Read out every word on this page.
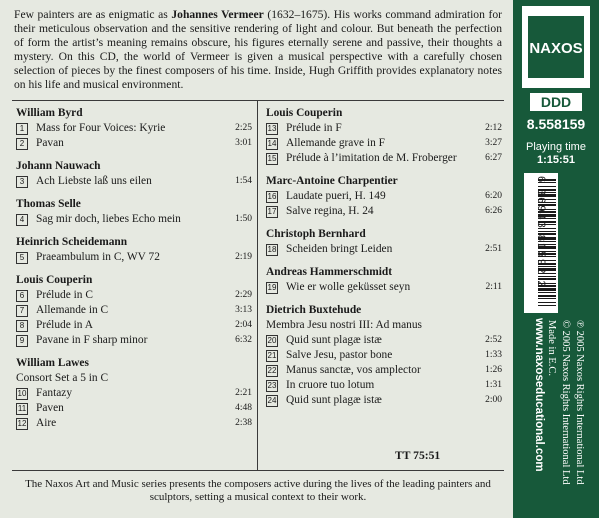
Few painters are as enigmatic as Johannes Vermeer (1632–1675). His works command admiration for their meticulous observation and the sensitive rendering of light and colour. But beneath the perfection of form the artist’s meaning remains obscure, his figures eternally serene and passive, their thoughts a mystery. On this CD, the world of Vermeer is given a musical perspective with a carefully chosen selection of pieces by the finest composers of his time. Inside, Hugh Griffith provides explanatory notes on his life and musical environment.
William Byrd
1	Mass for Four Voices: Kyrie	2:25
2	Pavan	3:01
Johann Nauwach
3	Ach Liebste laß uns eilen	1:54
Thomas Selle
4	Sag mir doch, liebes Echo mein	1:50
Heinrich Scheidemann
5	Praeambulum in C, WV 72	2:19
Louis Couperin
6	Prélude in C	2:29
7	Allemande in C	3:13
8	Prélude in A	2:04
9	Pavane in F sharp minor	6:32
William Lawes
Consort Set a 5 in C
10 Fantazy	2:21
11 Paven	4:48
12 Aire	2:38
Louis Couperin
13 Prélude in F	2:12
14 Allemande grave in F	3:27
15 Prélude à l’imitation de M. Froberger	6:27
Marc-Antoine Charpentier
16 Laudate pueri, H. 149	6:20
17 Salve regina, H. 24	6:26
Christoph Bernhard
18 Scheiden bringt Leiden	2:51
Andreas Hammerschmidt
19 Wie er wolle geküsset seyn	2:11
Dietrich Buxtehude
Membra Jesu nostri III: Ad manus
20 Quid sunt plagæ istæ	2:52
21 Salve Jesu, pastor bone	1:33
22 Manus sanctæ, vos amplector	1:26
23 In cruore tuo lotum	1:31
24 Quid sunt plagæ istæ	2:00
TT 75:51
The Naxos Art and Music series presents the composers active during the lives of the leading painters and sculptors, setting a musical context to their work.
NAXOS
DDD
8.558159
Playing time
1:15:51
6 36943 81592 2
℗ 2005 Naxos Rights International Ltd
© 2005 Naxos Rights International Ltd
Made in E.C.
www.naxoseducational.com
